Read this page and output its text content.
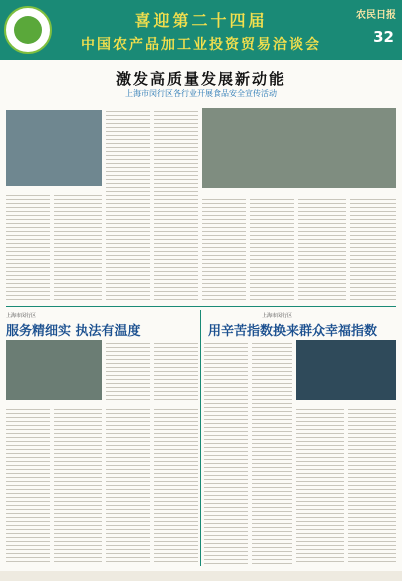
喜迎第二十四届
中国农产品加工业投资贸易洽谈会
农民日报
32
激发高质量发展新动能
上海市闵行区各行业开展食品安全宣传活动
上海市闵行区
服务精细实 执法有温度
上海市闵行区
用辛苦指数换来群众幸福指数
